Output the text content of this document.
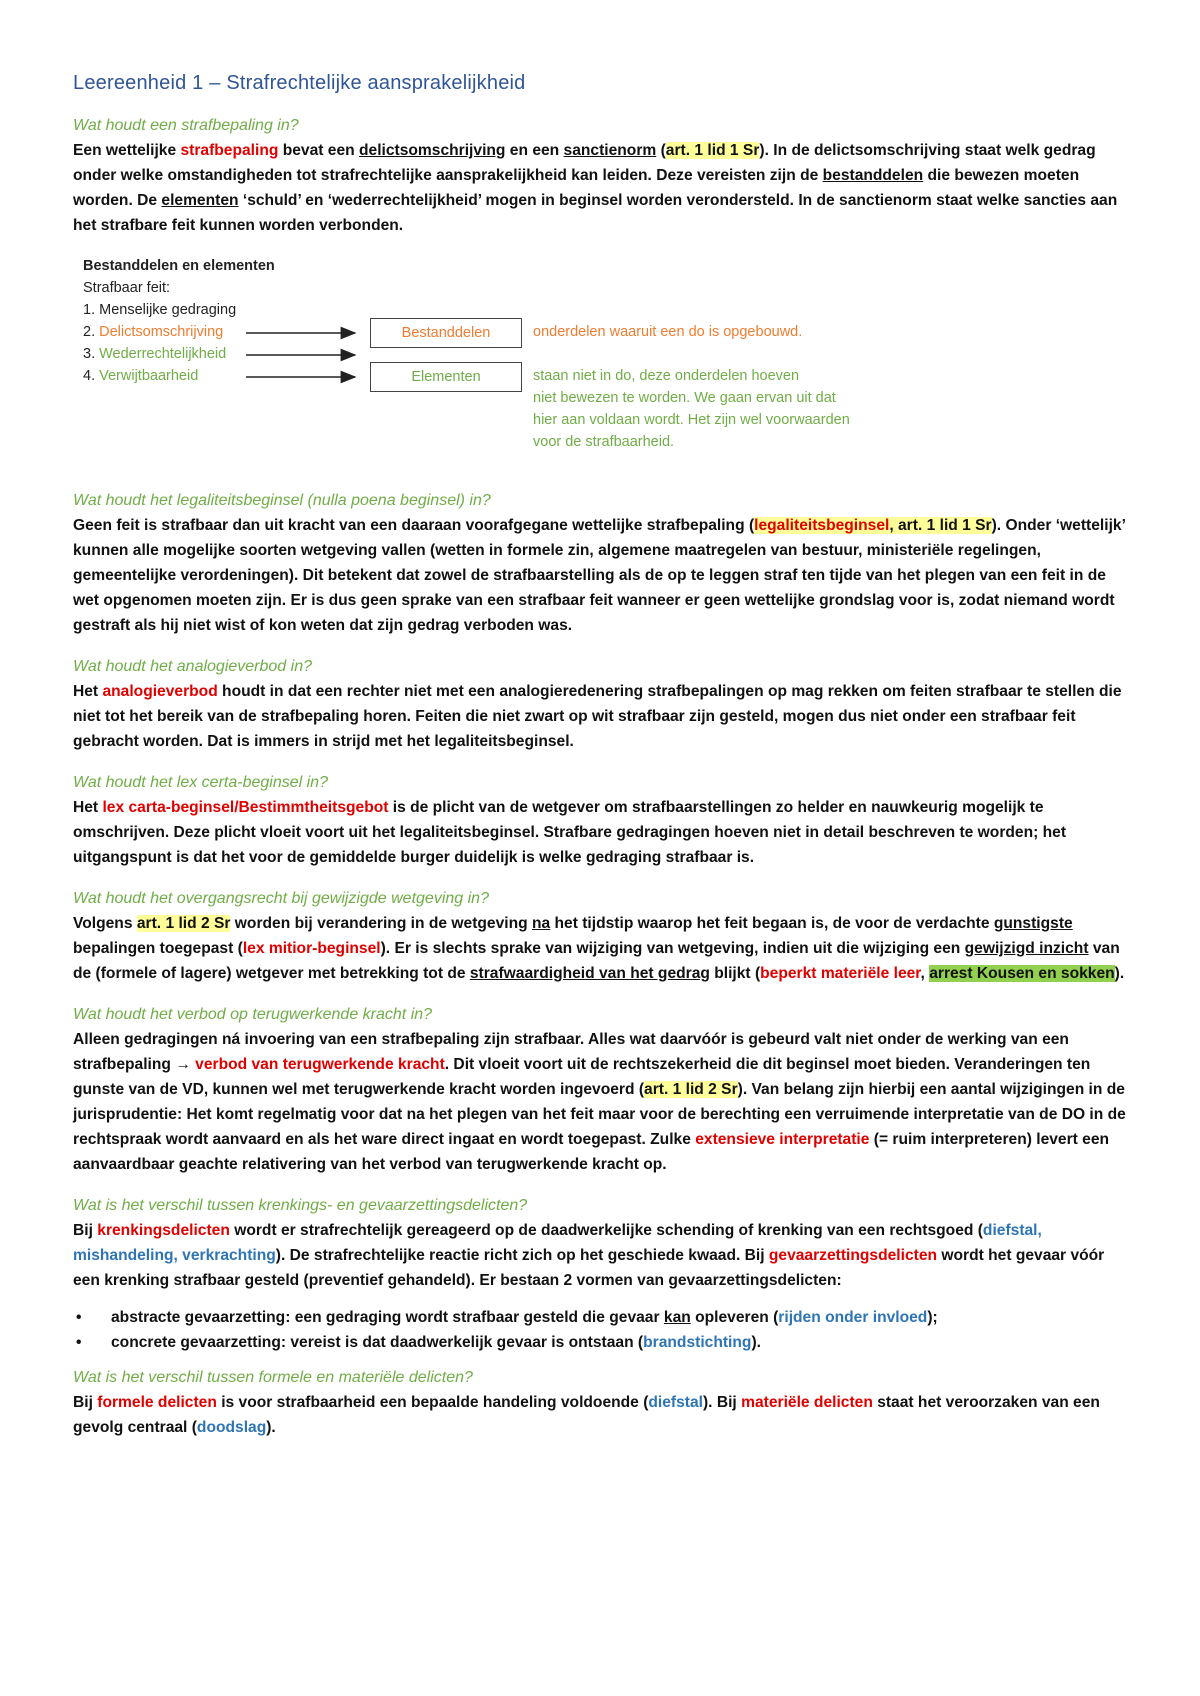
Leereenheid 1 – Strafrechtelijke aansprakelijkheid
Wat houdt een strafbepaling in?

Een wettelijke strafbepaling bevat een delictsomschrijving en een sanctienorm (art. 1 lid 1 Sr). In de delictsomschrijving staat welk gedrag onder welke omstandigheden tot strafrechtelijke aansprakelijkheid kan leiden. Deze vereisten zijn de bestanddelen die bewezen moeten worden. De elementen ‘schuld’ en ‘wederrechtelijkheid’ mogen in beginsel worden verondersteld. In de sanctienorm staat welke sancties aan het strafbare feit kunnen worden verbonden.

Bestanddelen en elementen
Strafbaar feit:
1. Menselijke gedraging
2. Delictsomschrijving
3. Wederrechtelijkheid
4. Verwijtbaarheid
Bestanddelen
Elementen
onderdelen waaruit een do is opgebouwd.
staan niet in do, deze onderdelen hoeven
niet bewezen te worden. We gaan ervan uit dat
hier aan voldaan wordt. Het zijn wel voorwaarden
voor de strafbaarheid.
Wat houdt het legaliteitsbeginsel (nulla poena beginsel) in?

Geen feit is strafbaar dan uit kracht van een daaraan voorafgegane wettelijke strafbepaling (legaliteitsbeginsel, art. 1 lid 1 Sr). Onder ‘wettelijk’ kunnen alle mogelijke soorten wetgeving vallen (wetten in formele zin, algemene maatregelen van bestuur, ministeriële regelingen, gemeentelijke verordeningen). Dit betekent dat zowel de strafbaarstelling als de op te leggen straf ten tijde van het plegen van een feit in de wet opgenomen moeten zijn. Er is dus geen sprake van een strafbaar feit wanneer er geen wettelijke grondslag voor is, zodat niemand wordt gestraft als hij niet wist of kon weten dat zijn gedrag verboden was.

Wat houdt het analogieverbod in?

Het analogieverbod houdt in dat een rechter niet met een analogieredenering strafbepalingen op mag rekken om feiten strafbaar te stellen die niet tot het bereik van de strafbepaling horen. Feiten die niet zwart op wit strafbaar zijn gesteld, mogen dus niet onder een strafbaar feit gebracht worden. Dat is immers in strijd met het legaliteitsbeginsel.

Wat houdt het lex certa-beginsel in?

Het lex carta-beginsel/Bestimmtheitsgebot is de plicht van de wetgever om strafbaarstellingen zo helder en nauwkeurig mogelijk te omschrijven. Deze plicht vloeit voort uit het legaliteitsbeginsel. Strafbare gedragingen hoeven niet in detail beschreven te worden; het uitgangspunt is dat het voor de gemiddelde burger duidelijk is welke gedraging strafbaar is.

Wat houdt het overgangsrecht bij gewijzigde wetgeving in?

Volgens art. 1 lid 2 Sr worden bij verandering in de wetgeving na het tijdstip waarop het feit begaan is, de voor de verdachte gunstigste bepalingen toegepast (lex mitior-beginsel). Er is slechts sprake van wijziging van wetgeving, indien uit die wijziging een gewijzigd inzicht van de (formele of lagere) wetgever met betrekking tot de strafwaardigheid van het gedrag blijkt (beperkt materiële leer, arrest Kousen en sokken).

Wat houdt het verbod op terugwerkende kracht in?

Alleen gedragingen ná invoering van een strafbepaling zijn strafbaar. Alles wat daarvóór is gebeurd valt niet onder de werking van een strafbepaling → verbod van terugwerkende kracht. Dit vloeit voort uit de rechtszekerheid die dit beginsel moet bieden. Veranderingen ten gunste van de VD, kunnen wel met terugwerkende kracht worden ingevoerd (art. 1 lid 2 Sr). Van belang zijn hierbij een aantal wijzigingen in de jurisprudentie: Het komt regelmatig voor dat na het plegen van het feit maar voor de berechting een verruimende interpretatie van de DO in de rechtspraak wordt aanvaard en als het ware direct ingaat en wordt toegepast. Zulke extensieve interpretatie (= ruim interpreteren) levert een aanvaardbaar geachte relativering van het verbod van terugwerkende kracht op.

Wat is het verschil tussen krenkings- en gevaarzettingsdelicten?

Bij krenkingsdelicten wordt er strafrechtelijk gereageerd op de daadwerkelijke schending of krenking van een rechtsgoed (diefstal, mishandeling, verkrachting). De strafrechtelijke reactie richt zich op het geschiede kwaad. Bij gevaarzettingsdelicten wordt het gevaar vóór een krenking strafbaar gesteld (preventief gehandeld). Er bestaan 2 vormen van gevaarzettingsdelicten:

• abstracte gevaarzetting: een gedraging wordt strafbaar gesteld die gevaar kan opleveren (rijden onder invloed);
• concrete gevaarzetting: vereist is dat daadwerkelijk gevaar is ontstaan (brandstichting).
Wat is het verschil tussen formele en materiële delicten?

Bij formele delicten is voor strafbaarheid een bepaalde handeling voldoende (diefstal). Bij materiële delicten staat het veroorzaken van een gevolg centraal (doodslag).
